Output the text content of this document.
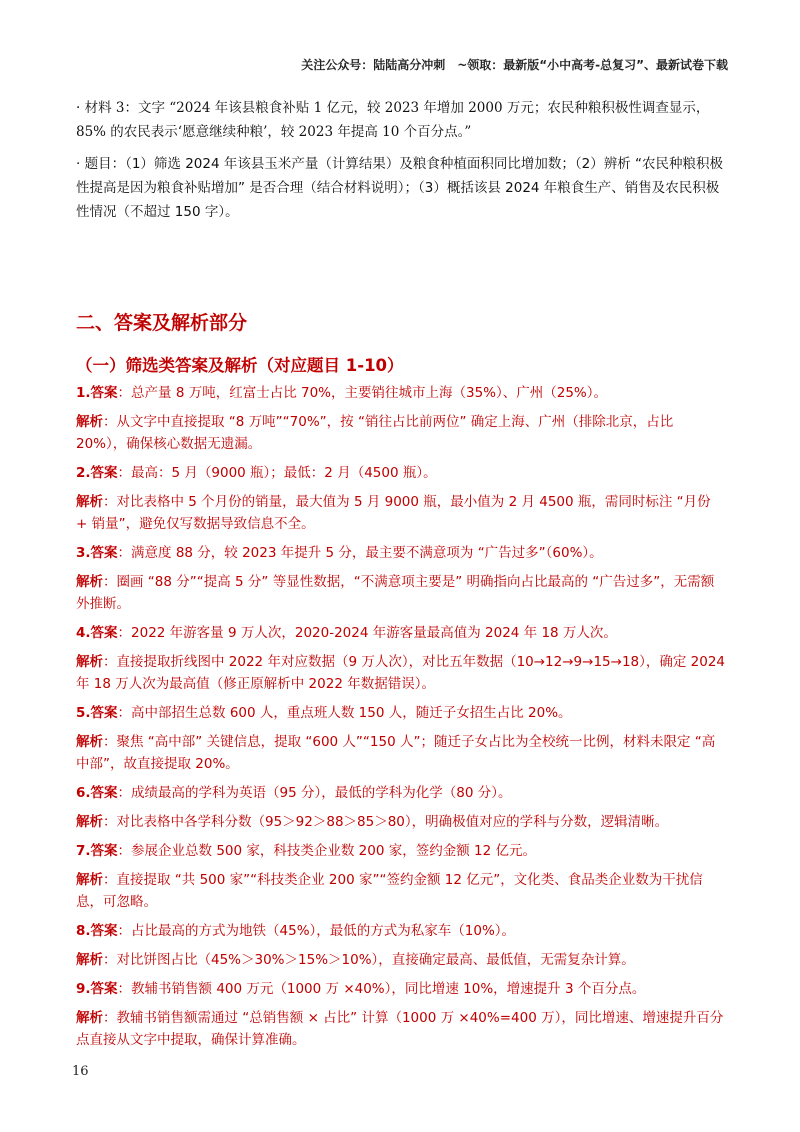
关注公众号：陆陆高分冲刺　~领取：最新版“小中高考-总复习”、最新试卷下载
· 材料 3：文字 “2024 年该县粮食补贴 1 亿元，较 2023 年增加 2000 万元；农民种粮积极性调查显示，85% 的农民表示‘愿意继续种粮’，较 2023 年提高 10 个百分点。”
· 题目：（1）筛选 2024 年该县玉米产量（计算结果）及粮食种植面积同比增加数；（2）辨析 “农民种粮积极性提高是因为粮食补贴增加” 是否合理（结合材料说明）；（3）概括该县 2024 年粮食生产、销售及农民积极性情况（不超过 150 字）。
二、答案及解析部分
（一）筛选类答案及解析（对应题目 1-10）

1.答案：总产量 8 万吨，红富士占比 70%，主要销往城市上海（35%）、广州（25%）。

解析：从文字中直接提取 “8 万吨”“70%”，按 “销往占比前两位” 确定上海、广州（排除北京，占比 20%），确保核心数据无遗漏。

2.答案：最高：5 月（9000 瓶）；最低：2 月（4500 瓶）。

解析：对比表格中 5 个月份的销量，最大值为 5 月 9000 瓶，最小值为 2 月 4500 瓶，需同时标注 “月份 + 销量”，避免仅写数据导致信息不全。

3.答案：满意度 88 分，较 2023 年提升 5 分，最主要不满意项为 “广告过多”（60%）。

解析：圈画 “88 分”“提高 5 分” 等显性数据，“不满意项主要是” 明确指向占比最高的 “广告过多”，无需额外推断。

4.答案：2022 年游客量 9 万人次，2020-2024 年游客量最高值为 2024 年 18 万人次。

解析：直接提取折线图中 2022 年对应数据（9 万人次），对比五年数据（10→12→9→15→18），确定 2024 年 18 万人次为最高值（修正原解析中 2022 年数据错误）。

5.答案：高中部招生总数 600 人，重点班人数 150 人，随迁子女招生占比 20%。

解析：聚焦 “高中部” 关键信息，提取 “600 人”“150 人”；随迁子女占比为全校统一比例，材料未限定 “高中部”，故直接提取 20%。

6.答案：成绩最高的学科为英语（95 分），最低的学科为化学（80 分）。

解析：对比表格中各学科分数（95＞92＞88＞85＞80），明确极值对应的学科与分数，逻辑清晰。

7.答案：参展企业总数 500 家，科技类企业数 200 家，签约金额 12 亿元。

解析：直接提取 “共 500 家”“科技类企业 200 家”“签约金额 12 亿元”，文化类、食品类企业数为干扰信息，可忽略。

8.答案：占比最高的方式为地铁（45%），最低的方式为私家车（10%）。

解析：对比饼图占比（45%＞30%＞15%＞10%），直接确定最高、最低值，无需复杂计算。

9.答案：教辅书销售额 400 万元（1000 万 ×40%），同比增速 10%，增速提升 3 个百分点。

解析：教辅书销售额需通过 “总销售额 × 占比” 计算（1000 万 ×40%=400 万），同比增速、增速提升百分点直接从文字中提取，确保计算准确。

16
